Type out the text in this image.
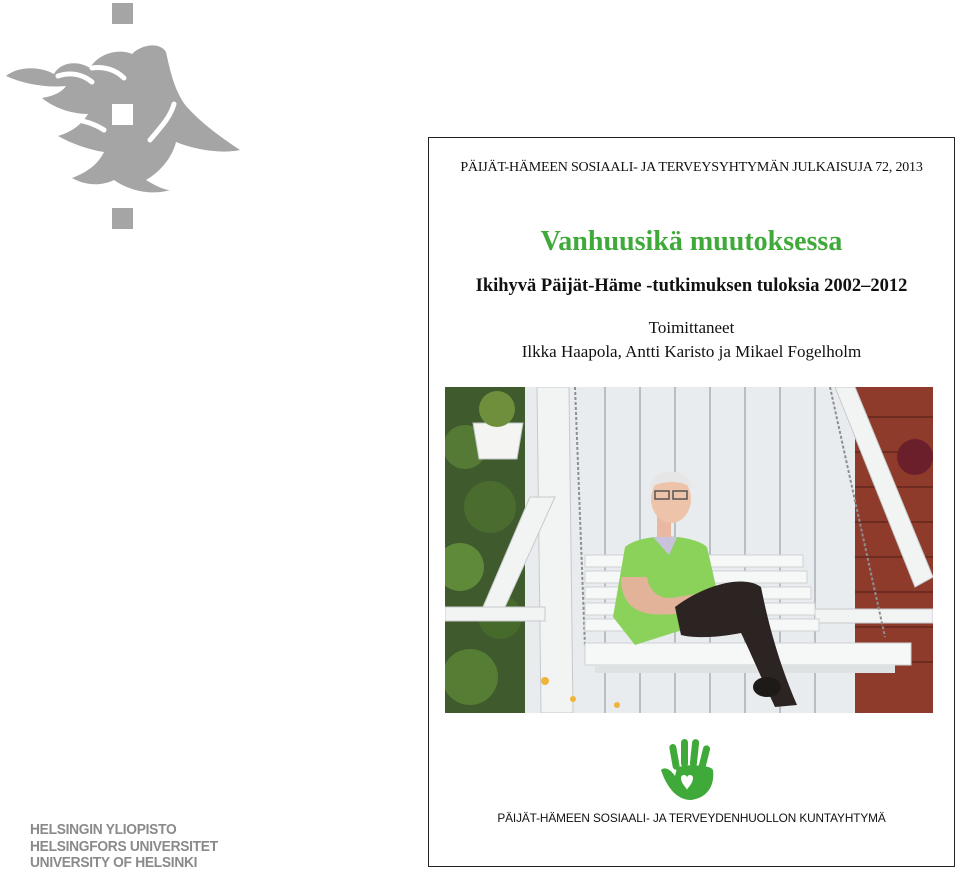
HELSINGIN YLIOPISTO
HELSINGFORS UNIVERSITET
UNIVERSITY OF HELSINKI
PÄIJÄT-HÄMEEN SOSIAALI- JA TERVEYSYHTYMÄN JULKAISUJA 72, 2013
Vanhuusikä muutoksessa
Ikihyvä Päijät-Häme -tutkimuksen tuloksia 2002–2012
Toimittaneet
Ilkka Haapola, Antti Karisto ja Mikael Fogelholm
PÄIJÄT-HÄMEEN SOSIAALI- JA TERVEYDENHUOLLON KUNTAYHTYMÄ
